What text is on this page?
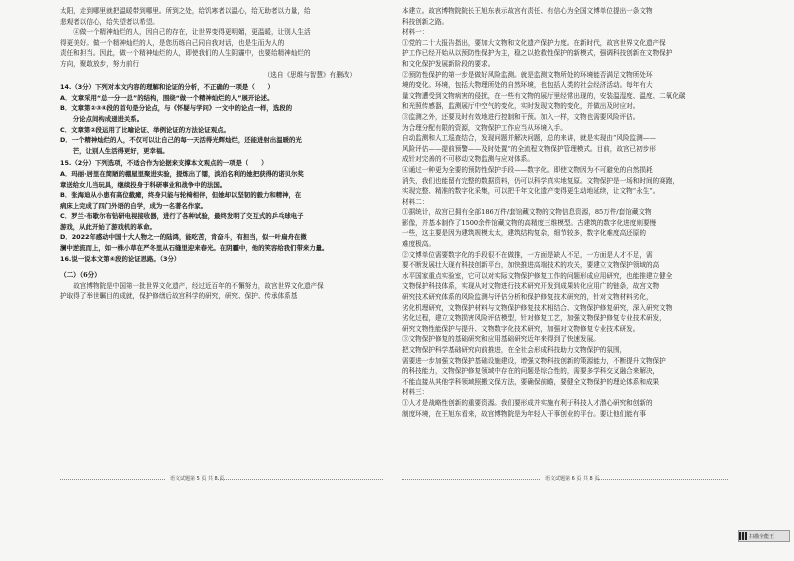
太阳，走到哪里就把温暖带到哪里。所到之处，给饥寒者以温心，给无助者以力量，给

悲观者以信心，给失望者以希望。

④做一个精神灿烂的人，因自己的存在，让世界变得更明媚，更温暖，让别人生活

得更美好。做一个精神灿烂的人，是您历练自己同自我对话，也是生而为人的

责任和担当。因此，做一个精神灿烂的人，即使我们的人生阴霾中，也要给精神灿烂的

方向，聚敢放步，努力前行

（选自《思维与智慧》有删改）

14.（3分）下列对本文内容的理解和论证的分析，不正确的一项是（　　）

A．文章采用“总一分一总”的结构，围绕“做一个精神灿烂的人”展开论述。

B．文章第②③④段的首句是分论点，与《怀疑与学问》一文中的论点一样，选段的

分论点间构成递进关系。

C．文章第②段运用了比喻论证、举例论证的方法论证观点。

D．一个精神灿烂的人，不仅可以让自己的每一天活得光辉灿烂，还能进射出温暖的光

芒，让别人生活得更好，更幸福。

15.（2分）下列选项，不适合作为论据来支撑本文观点的一项是（　　）

A．玛丽·居里在简陋的棚屋里聚进实验，提炼出了镭，淡泊名利的她把获得的诺贝尔奖

章送给女儿当玩具，继续投身于科研事业和战争中的法国。

B．张海迪从小患有高位截瘫，终身只能与轮椅相伴，但她却以坚韧的毅力和精神，在

病床上完成了四门外语的自学，成为一名著名作家。

C．罗兰·布歇尔布钻研电视接收器，进行了各种试验，最终发明了交互式的乒乓球电子

游戏，从此开始了游戏机的革命。

D．2022年感动中国十大人物之一的陆鸿，能吃苦，肯奋斗，有担当，似一叶扁舟在微

澜中逆流而上，如一株小草在严冬里从石缝里迎来春光。在阴霾中，他的笑容给我们带来力量。

16.说一说本文第④段的论证思路。（3分）

（二）（6分）

故宫博物院是中国第一批世界文化遗产，经过近百年的不懈努力，故宫世界文化遗产保

护取得了举世瞩目的成就，保护修缮后故宫科学的研究，研究、保护、传承体系基

本建立。故宫博物院院长王旭东表示故宫有责任、有信心为全国文博单位提出一条文物

科技创新之路。

材料一：

①党的二十大报告指出，要加大文物和文化遗产保护力度。在新时代，故宫世界文化遗产保

护工作已经开始从以预防性保护为主，稳之以抢救性保护的新模式，强调科技创新在文物保护

和文化保护发展新阶段的要求。

②预防性保护的第一步是做好风险监测。就是监测文物所处的环境能否满足文物所处环

境的变化。环境，包括大物理所处的自然环境，也包括人类的社会经济活动。每年有大

量文物遭受到文物病害的侵扰，在一些有文物的展厅里经常出现的，安装温湿度、温度、二氧化碳

和光照传感器，监测展厅中空气的变化，实时发现文物的变化，并做出及时应对。

③监测之外，还要及时有效地进行控制和干预。加入一样，文物也需要风险评估。

为合理分配有限的资源，文物保护工作应当从环境入手。

自动监测和人工巡查结合，发现问题并解决问题，总的来讲，就是实现由“风险监测——

风险评估——提前预警——及时处置”的全流程文物保护管理模式。目前，故宫已初步形

成针对完善的不可移动文物监测与应对体系。

④通过一种更为全要的预防性保护手段——数字化。即使文物因为不可避免的自然损耗

消失，我们也能留有完整的数据资料，仍可以科学真实地复原。文物保护是一场和时间的赛跑，

实现完整、精准的数字化采集，可以把千年文化遗产变得更生动地延续，让文物“永生”。

材料二：

①据统计，故宫已拥有全部186万件/套馆藏文物的文物信息资源，85万件/套馆藏文物

影像，并基本制作了1500余件馆藏文物的高精度三维模型。古建筑的数字化进度则要慢

一些，这主要是因为建筑规模太太，建筑结构复杂，细节较多，数字化难度高还原的

难度极高。

②文博单位需要数字化的手段很不在做推，一方面是缺人不足，一方面是人才不足，需

要不断发展壮大现有科技创新平台，加快推进高端技术的攻关，要建立文物保护领域的高

水平国家重点实验室，它可以对实际文物保护修复工作的问题形成应用研究，也能推建立健全

文物保护科技体系，实现从对文物进行技术研究开发到成果转化应用广的链条，故宫文物

研究技术研究体系的风险监测与评估分析和保护修复技术研究的，针对文物材料劣化，

劣化机理研究，文物保护材料与文物保护修复技术相结合、文物保护修复研究，深入研究文物

劣化过程，建立文物损害风险评估模型，针对修复工艺，加强文物保护修复专业技术研发，

研究文物性能保护与提升、文物数字化技术研究，加强对文物修复专业技术研发。

③文物保护修复的基础研究和应用基础研究近年来得到了快速发展。

把文物保护科学基础研究向前推进，在全社会形成科技助力文物保护的氛围，

需要进一步加强文物保护基础设施建设，增强文物科技创新的策源能力，不断提升文物保护

的科技能力，文物保护修复领域中存在的问题是综合性的，需要多学科交叉融合来解决，

不能直接从其他学科领域照搬文保方法，要确保前瞻，要健全文物保护的理论体系和成果

材料三：

①人才是战略性创新的重要资源。我们要形成并实施有利于科技人才潜心研究和创新的

制度环境，在王旭东看来，故宫博物院是为年轻人干事创业的平台。要让他们能有事

语文试题第 5 页 共 8 页	语文试题第 6 页 共 8 页
扫描全能王
